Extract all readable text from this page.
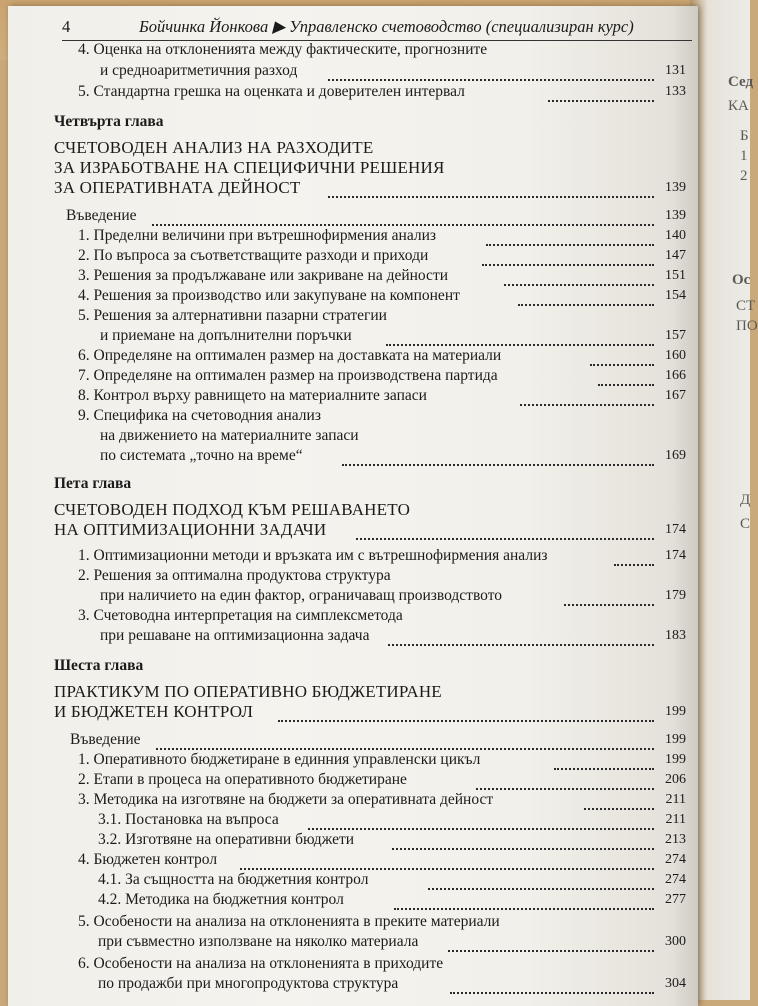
Сед
КА
Б
1
2
Ос
СТ
ПО
Д
С
4	Бойчинка Йонкова ▶ Управленско счетоводство (специализиран курс)
4. Оценка на отклоненията между фактическите, прогнозните
и средноаритметичния разход	131
5. Стандартна грешка на оценката и доверителен интервал	133
Четвърта глава
СЧЕТОВОДЕН АНАЛИЗ НА РАЗХОДИТЕ
ЗА ИЗРАБОТВАНЕ НА СПЕЦИФИЧНИ РЕШЕНИЯ
ЗА ОПЕРАТИВНАТА ДЕЙНОСТ	139
Въведение	139
1. Пределни величини при вътрешнофирмения анализ	140
2. По въпроса за съответстващите разходи и приходи	147
3. Решения за продължаване или закриване на дейности	151
4. Решения за производство или закупуване на компонент	154
5. Решения за алтернативни пазарни стратегии
и приемане на допълнителни поръчки	157
6. Определяне на оптимален размер на доставката на материали	160
7. Определяне на оптимален размер на производствена партида	166
8. Контрол върху равнището на материалните запаси	167
9. Специфика на счетоводния анализ
на движението на материалните запаси
по системата „точно на време“	169
Пета глава
СЧЕТОВОДЕН ПОДХОД КЪМ РЕШАВАНЕТО
НА ОПТИМИЗАЦИОННИ ЗАДАЧИ	174
1. Оптимизационни методи и връзката им с вътрешнофирмения анализ	174
2. Решения за оптимална продуктова структура
при наличието на един фактор, ограничаващ производството	179
3. Счетоводна интерпретация на симплексметода
при решаване на оптимизационна задача	183
Шеста глава
ПРАКТИКУМ ПО ОПЕРАТИВНО БЮДЖЕТИРАНЕ
И БЮДЖЕТЕН КОНТРОЛ	199
Въведение	199
1. Оперативното бюджетиране в единния управленски цикъл	199
2. Етапи в процеса на оперативното бюджетиране	206
3. Методика на изготвяне на бюджети за оперативната дейност	211
3.1. Постановка на въпроса	211
3.2. Изготвяне на оперативни бюджети	213
4. Бюджетен контрол	274
4.1. За същността на бюджетния контрол	274
4.2. Методика на бюджетния контрол	277
5. Особености на анализа на отклоненията в преките материали
при съвместно използване на няколко материала	300
6. Особености на анализа на отклоненията в приходите
по продажби при многопродуктова структура	304
